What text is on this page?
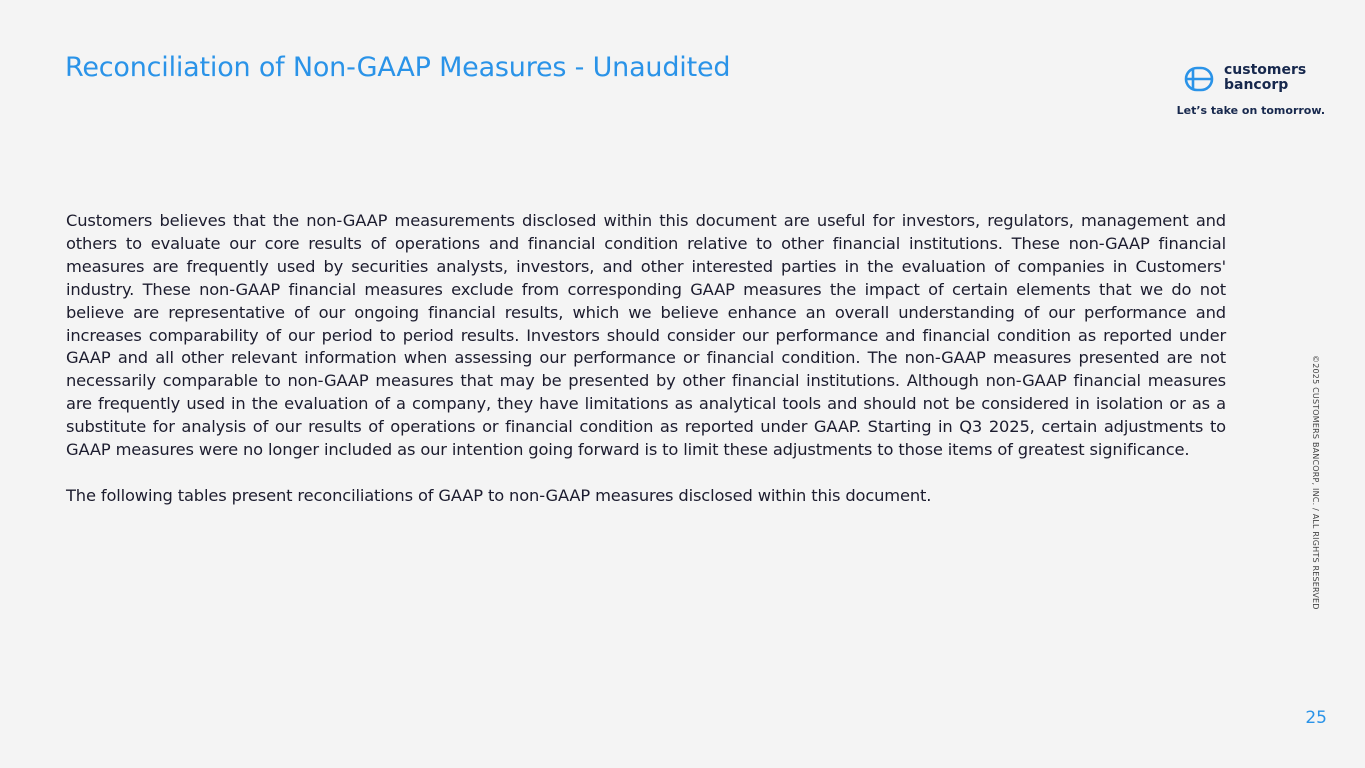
Reconciliation of Non-GAAP Measures - Unaudited	customers
bancorp
Let’s take on tomorrow.

Customers believes that the non-GAAP measurements disclosed within this document are useful for investors, regulators, management and others to evaluate our core results of operations and financial condition relative to other financial institutions. These non-GAAP financial measures are frequently used by securities analysts, investors, and other interested parties in the evaluation of companies in Customers' industry. These non-GAAP financial measures exclude from corresponding GAAP measures the impact of certain elements that we do not believe are representative of our ongoing financial results, which we believe enhance an overall understanding of our performance and increases comparability of our period to period results. Investors should consider our performance and financial condition as reported under GAAP and all other relevant information when assessing our performance or financial condition. The non-GAAP measures presented are not necessarily comparable to non-GAAP measures that may be presented by other financial institutions. Although non-GAAP financial measures are frequently used in the evaluation of a company, they have limitations as analytical tools and should not be considered in isolation or as a substitute for analysis of our results of operations or financial condition as reported under GAAP. Starting in Q3 2025, certain adjustments to GAAP measures were no longer included as our intention going forward is to limit these adjustments to those items of greatest significance.

The following tables present reconciliations of GAAP to non-GAAP measures disclosed within this document.	©2025 CUSTOMERS BANCORP, INC. / ALL RIGHTS RESERVED
25
